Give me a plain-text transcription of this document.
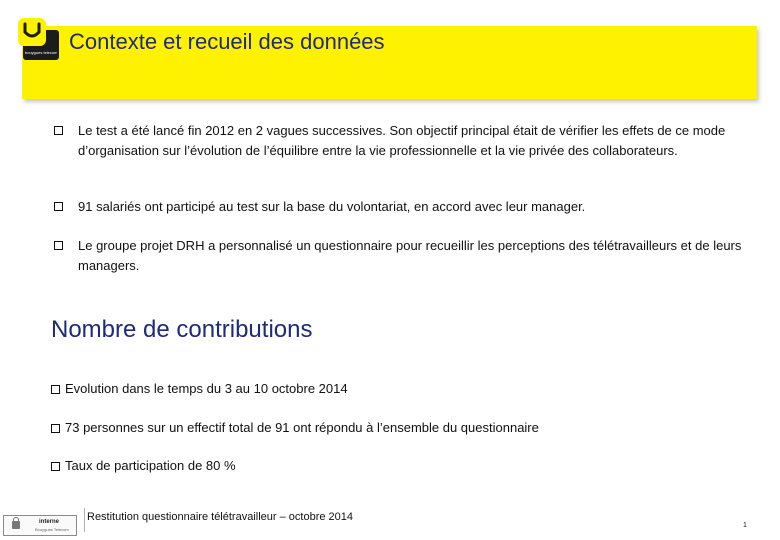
bouygues telecom Contexte et recueil des données
Le test a été lancé fin 2012 en 2 vagues successives. Son objectif principal était de vérifier les effets de ce mode d’organisation sur l’évolution de l’équilibre entre la vie professionnelle et la vie privée des collaborateurs.
91 salariés ont participé au test sur la base du volontariat, en accord avec leur manager.
Le groupe projet DRH a personnalisé un questionnaire pour recueillir les perceptions des télétravailleurs et de leurs managers.
Nombre de contributions
Evolution dans le temps du 3 au 10 octobre 2014
73 personnes sur un effectif total de 91 ont répondu à l’ensemble du questionnaire
Taux de participation de 80 %
interne
Bouygues Telecom
Restitution questionnaire télétravailleur – octobre 2014
1
